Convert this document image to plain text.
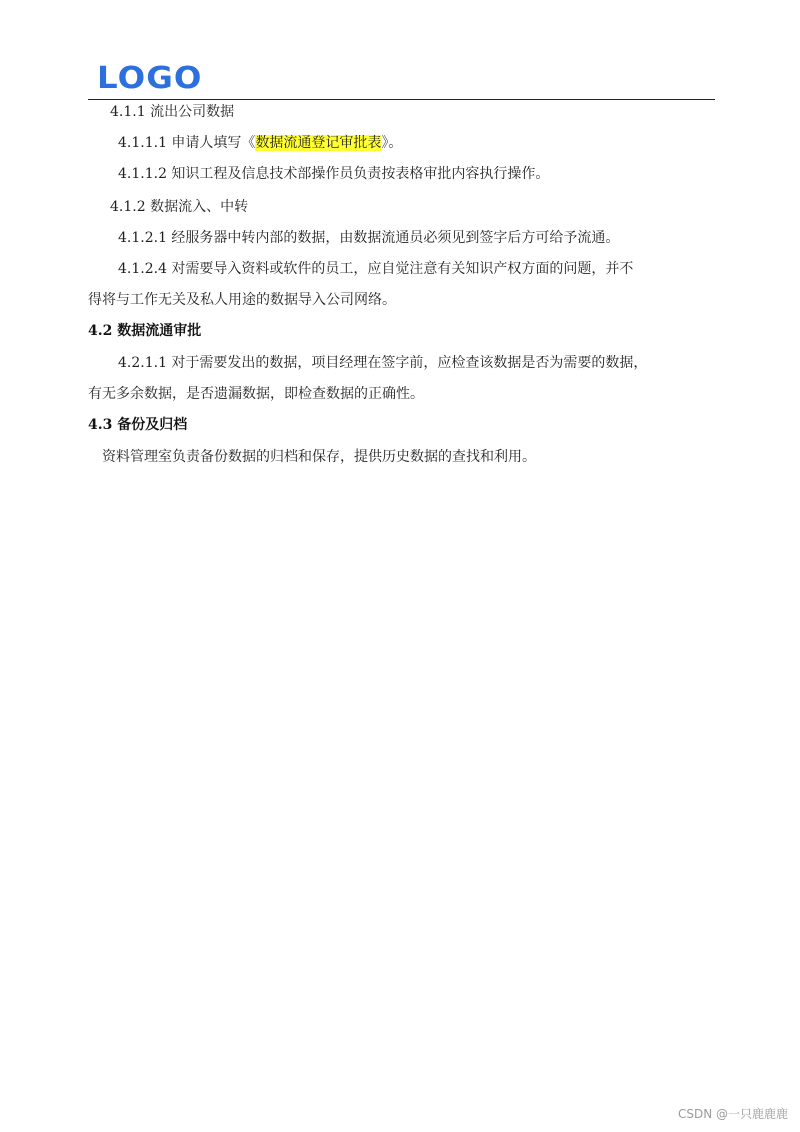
LOGO
4.1.1 流出公司数据
4.1.1.1 申请人填写《数据流通登记审批表》。
4.1.1.2 知识工程及信息技术部操作员负责按表格审批内容执行操作。
4.1.2 数据流入、中转
4.1.2.1 经服务器中转内部的数据，由数据流通员必须见到签字后方可给予流通。
4.1.2.4 对需要导入资料或软件的员工，应自觉注意有关知识产权方面的问题，并不
得将与工作无关及私人用途的数据导入公司网络。
4.2 数据流通审批
4.2.1.1 对于需要发出的数据，项目经理在签字前，应检查该数据是否为需要的数据，
有无多余数据，是否遗漏数据，即检查数据的正确性。
4.3 备份及归档
资料管理室负责备份数据的归档和保存，提供历史数据的查找和利用。
CSDN @一只鹿鹿鹿
